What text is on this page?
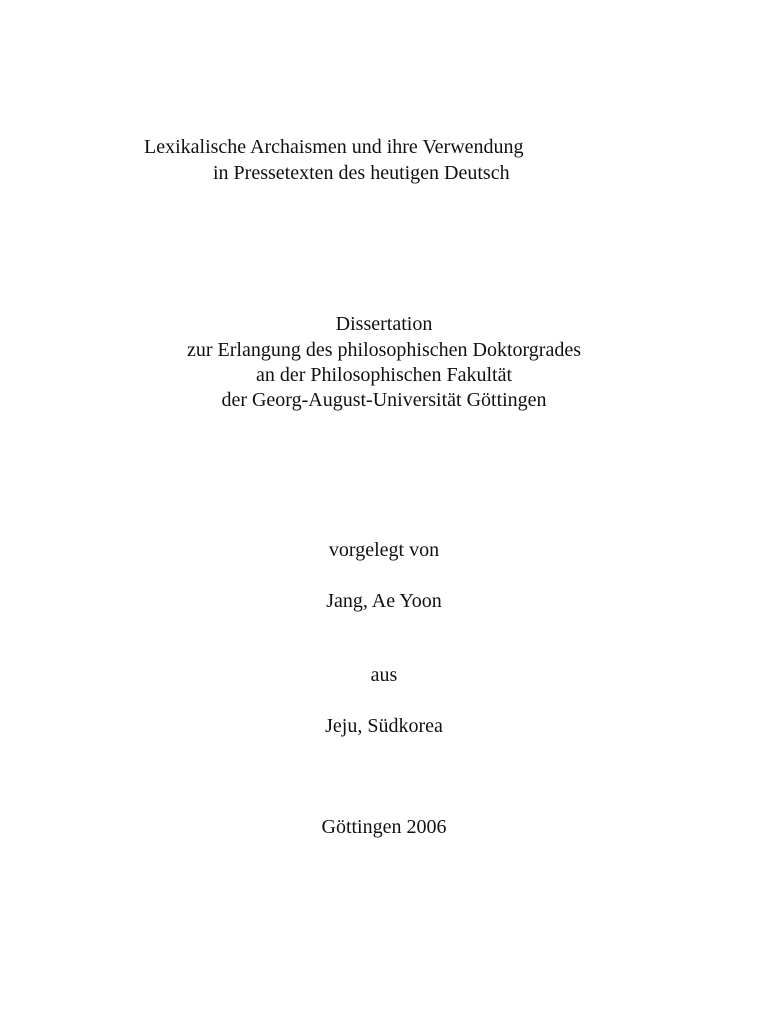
Lexikalische Archaismen und ihre Verwendung
in Pressetexten des heutigen Deutsch
Dissertation
zur Erlangung des philosophischen Doktorgrades
an der Philosophischen Fakultät
der Georg-August-Universität Göttingen
vorgelegt von
Jang, Ae Yoon
aus
Jeju, Südkorea
Göttingen 2006
